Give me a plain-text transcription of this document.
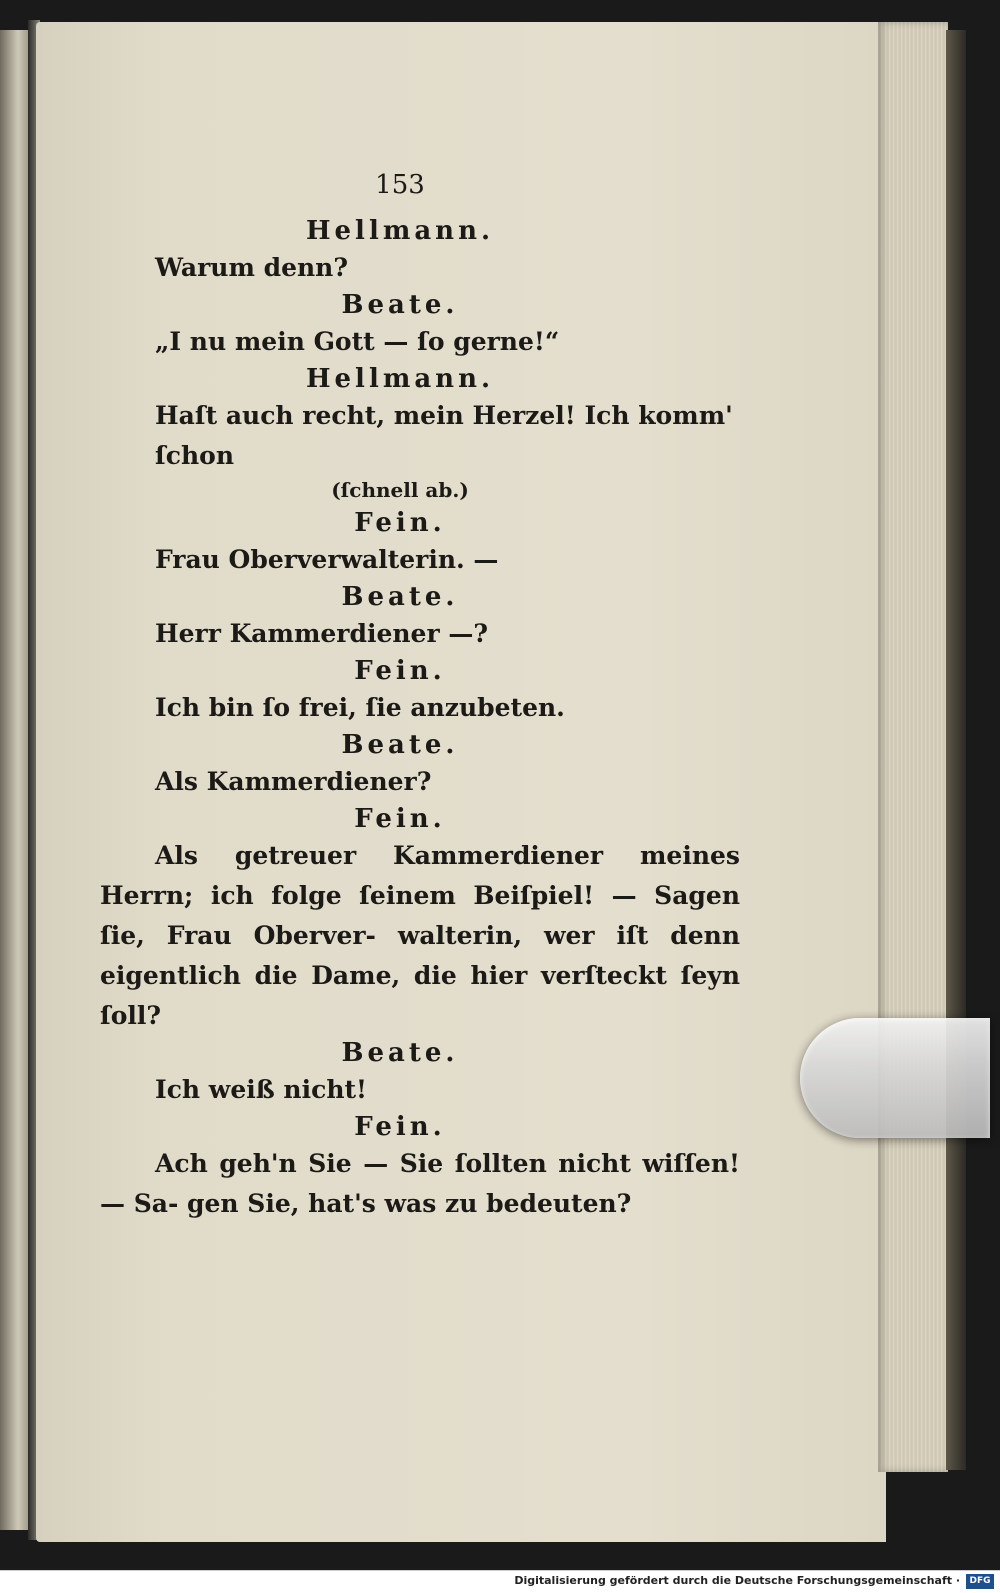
153
Hellmann.
Warum denn?
Beate.
„I nu mein Gott — ſo gerne!“
Hellmann.
Haſt auch recht, mein Herzel! Ich komm' ſchon
(ſchnell ab.)
Fein.
Frau Oberverwalterin. —
Beate.
Herr Kammerdiener —?
Fein.
Ich bin ſo frei, ſie anzubeten.
Beate.
Als Kammerdiener?
Fein.
Als getreuer Kammerdiener meines Herrn; ich folge ſeinem Beiſpiel! — Sagen ſie, Frau Oberver- walterin, wer iſt denn eigentlich die Dame, die hier verſteckt ſeyn ſoll?
Beate.
Ich weiß nicht!
Fein.
Ach geh'n Sie — Sie ſollten nicht wiſſen! — Sa- gen Sie, hat's was zu bedeuten?
Digitalisierung gefördert durch die Deutsche Forschungsgemeinschaft ·	DFG
